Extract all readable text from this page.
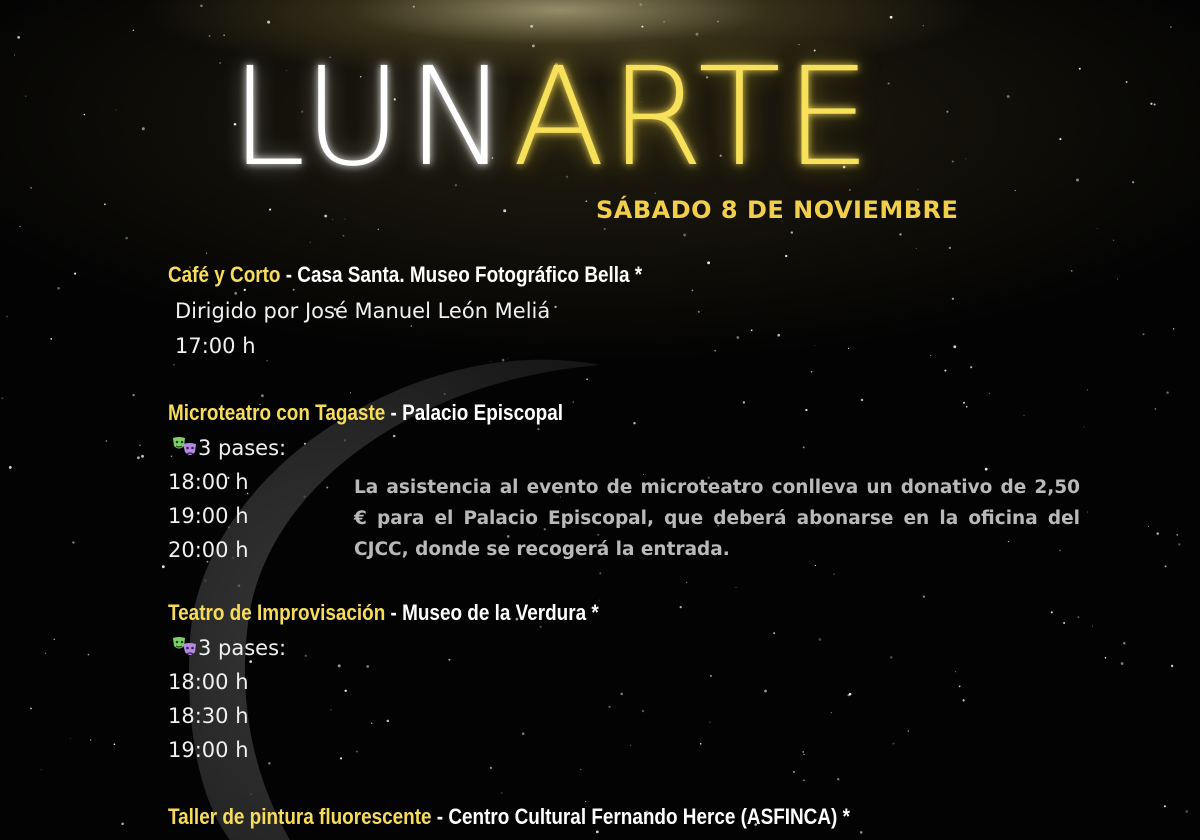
LUNARTE
SÁBADO 8 DE NOVIEMBRE
Café y Corto - Casa Santa. Museo Fotográfico Bella *
Dirigido por José Manuel León Meliá
17:00 h
Microteatro con Tagaste - Palacio Episcopal
3 pases:
18:00 h
19:00 h
20:00 h
La asistencia al evento de microteatro conlleva un donativo de 2,50 € para el Palacio Episcopal, que deberá abonarse en la oficina del CJCC, donde se recogerá la entrada.
Teatro de Improvisación - Museo de la Verdura *
3 pases:
18:00 h
18:30 h
19:00 h
Taller de pintura fluorescente - Centro Cultural Fernando Herce (ASFINCA) *
